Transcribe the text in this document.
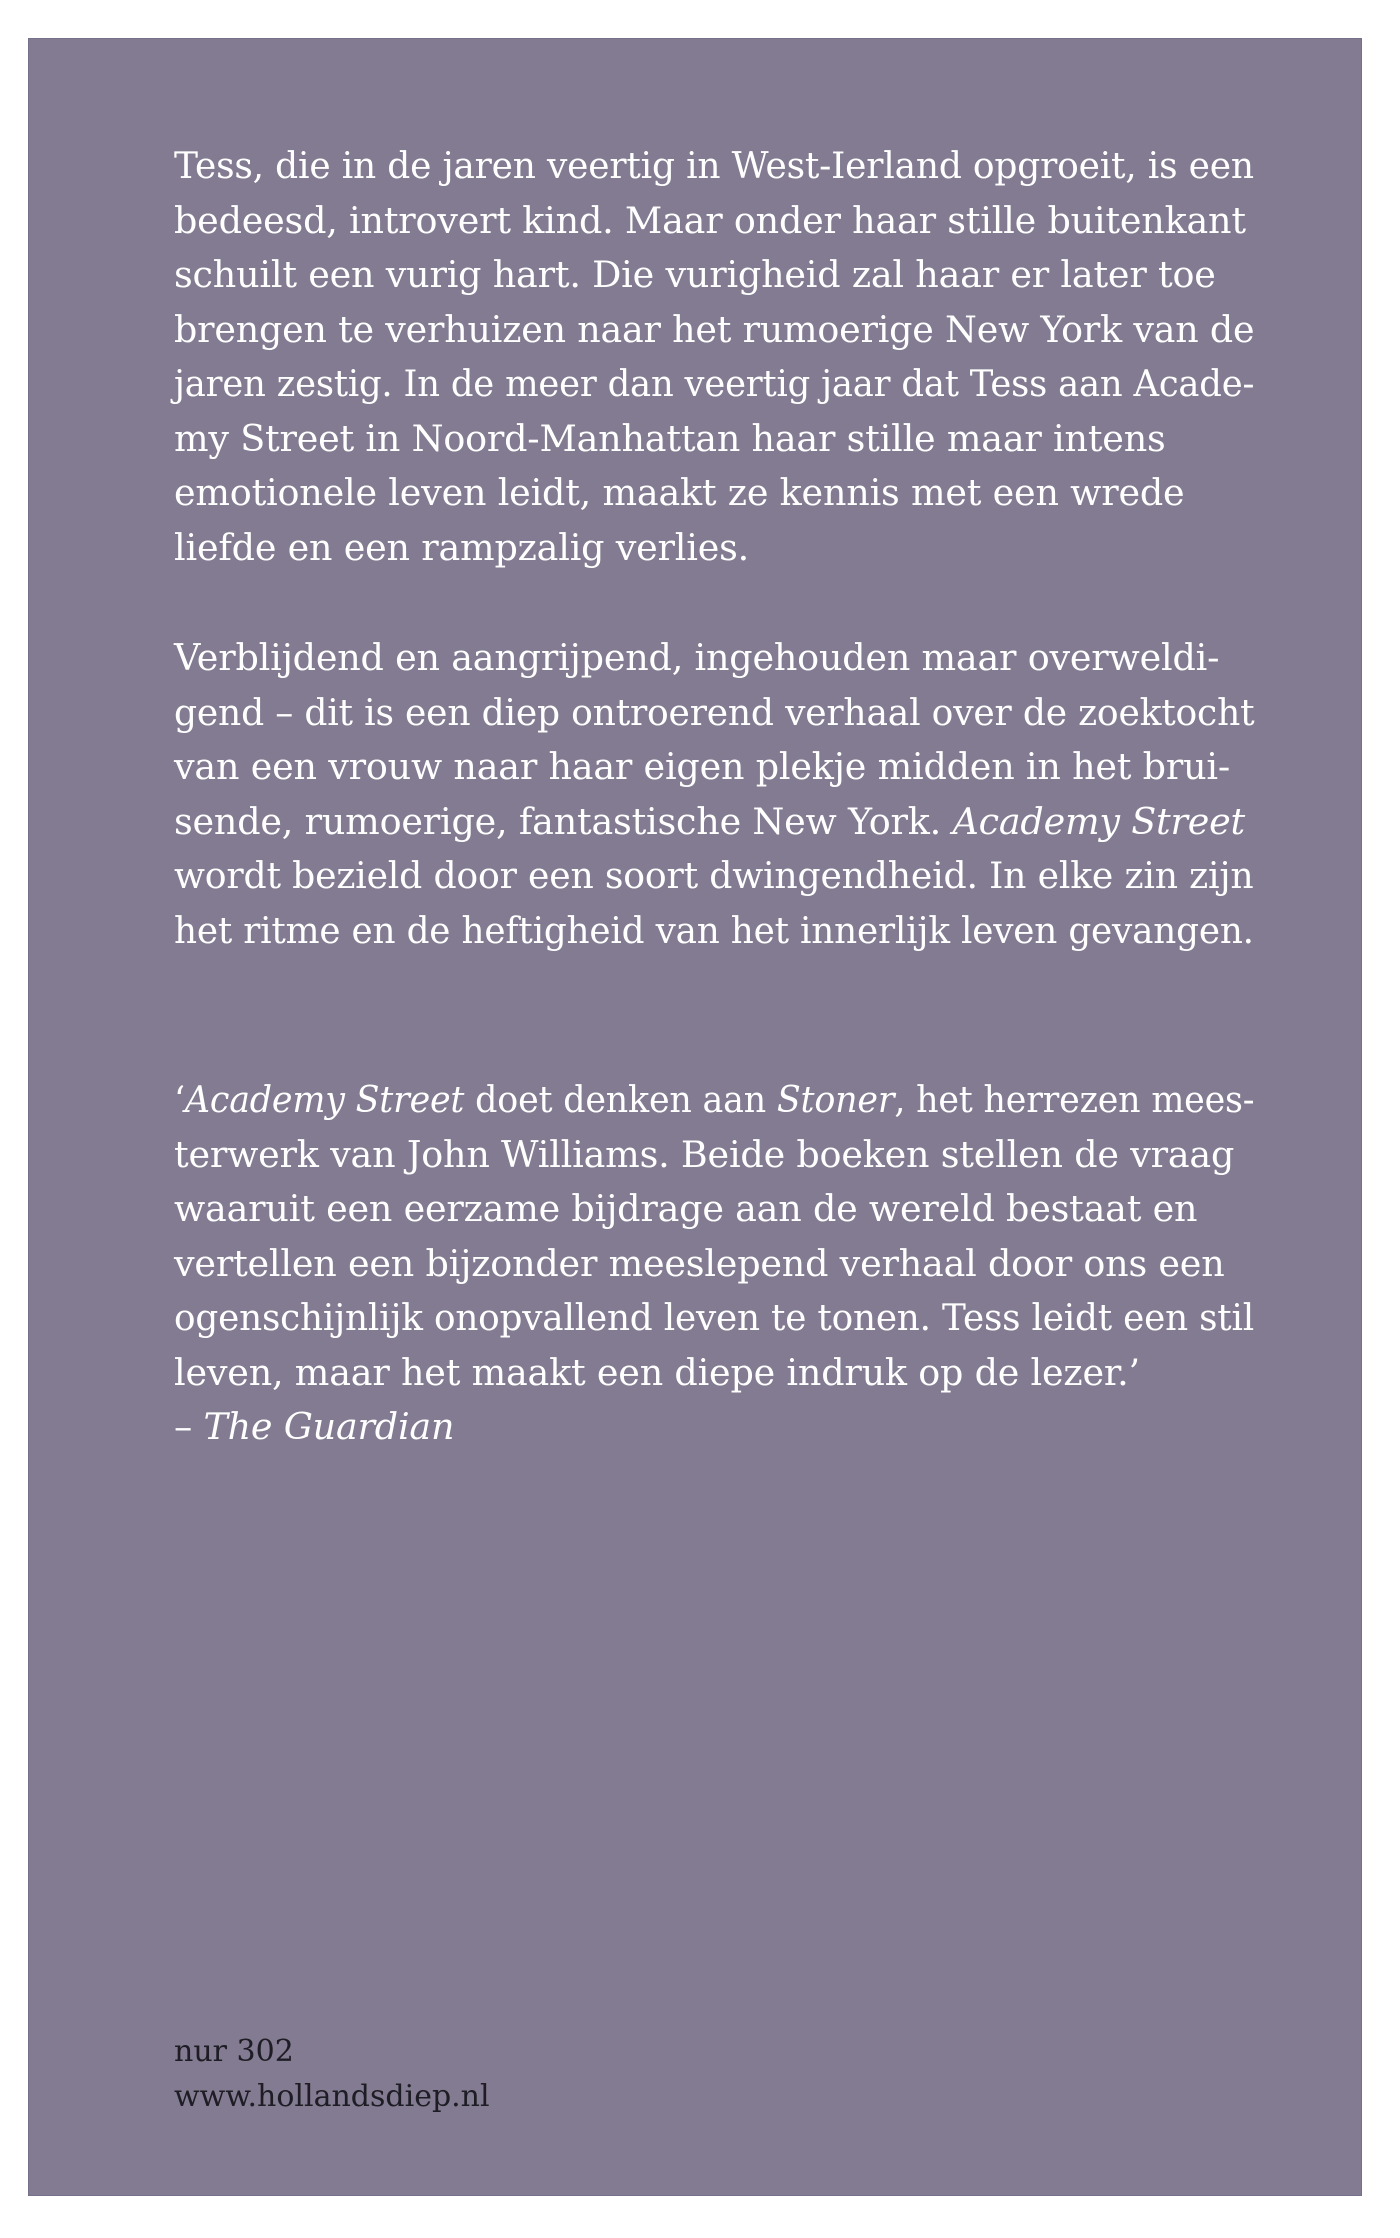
Tess, die in de jaren veertig in West-Ierland opgroeit, is een
bedeesd, introvert kind. Maar onder haar stille buitenkant
schuilt een vurig hart. Die vurigheid zal haar er later toe
brengen te verhuizen naar het rumoerige New York van de
jaren zestig. In de meer dan veertig jaar dat Tess aan Acade-
my Street in Noord-Manhattan haar stille maar intens
emotionele leven leidt, maakt ze kennis met een wrede
liefde en een rampzalig verlies.
Verblijdend en aangrijpend, ingehouden maar overweldi-
gend – dit is een diep ontroerend verhaal over de zoektocht
van een vrouw naar haar eigen plekje midden in het brui-
sende, rumoerige, fantastische New York. Academy Street
wordt bezield door een soort dwingendheid. In elke zin zijn
het ritme en de heftigheid van het innerlijk leven gevangen.
‘Academy Street doet denken aan Stoner, het herrezen mees-
terwerk van John Williams. Beide boeken stellen de vraag
waaruit een eerzame bijdrage aan de wereld bestaat en
vertellen een bijzonder meeslepend verhaal door ons een
ogenschijnlijk onopvallend leven te tonen. Tess leidt een stil
leven, maar het maakt een diepe indruk op de lezer.’
– The Guardian
nur 302
www.hollandsdiep.nl
